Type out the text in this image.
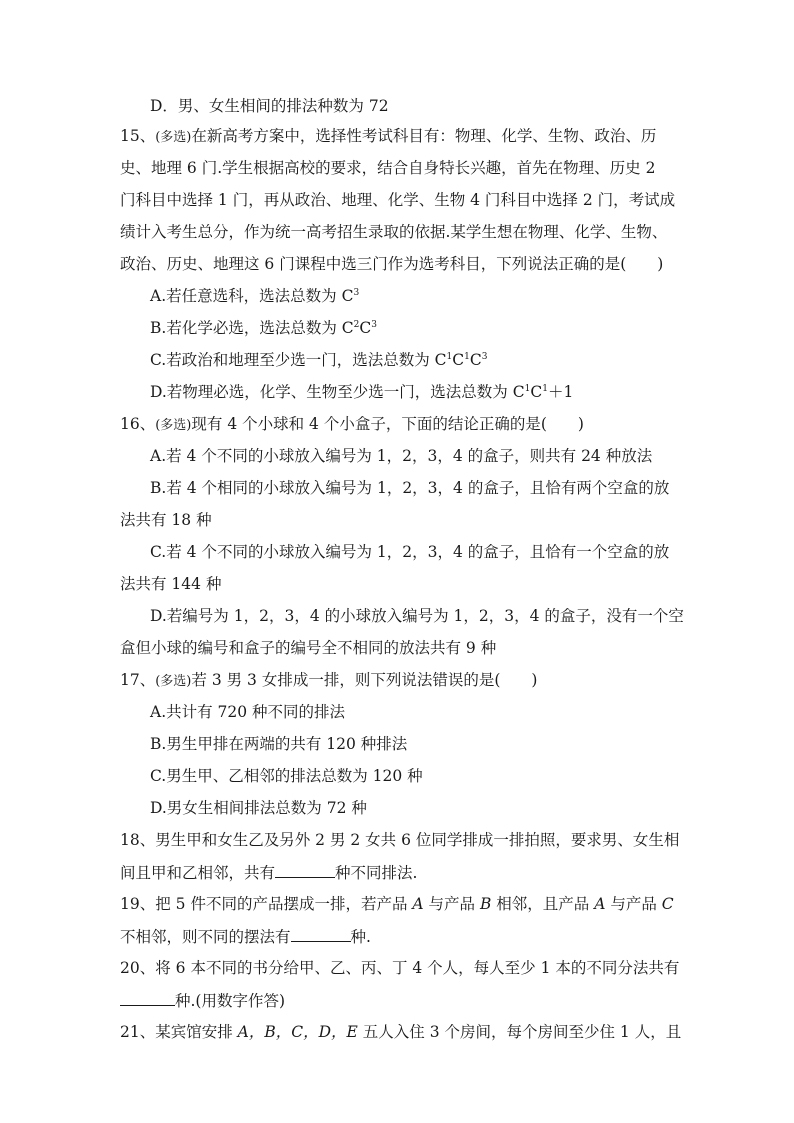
D．男、女生相间的排法种数为 72
15、(多选)在新高考方案中，选择性考试科目有：物理、化学、生物、政治、历
史、地理 6 门.学生根据高校的要求，结合自身特长兴趣，首先在物理、历史 2
门科目中选择 1 门，再从政治、地理、化学、生物 4 门科目中选择 2 门，考试成
绩计入考生总分，作为统一高考招生录取的依据.某学生想在物理、化学、生物、
政治、历史、地理这 6 门课程中选三门作为选考科目，下列说法正确的是(　　)
A.若任意选科，选法总数为 $C^3$
B.若化学必选，选法总数为 $C^2C^3$
C.若政治和地理至少选一门，选法总数为 $C^1C^1C^3$
D.若物理必选，化学、生物至少选一门，选法总数为 $C^1C^1+1$
16、(多选)现有 4 个小球和 4 个小盒子，下面的结论正确的是(　　)
A.若 4 个不同的小球放入编号为 1，2，3，4 的盒子，则共有 24 种放法
B.若 4 个相同的小球放入编号为 1，2，3，4 的盒子，且恰有两个空盒的放
法共有 18 种
C.若 4 个不同的小球放入编号为 1，2，3，4 的盒子，且恰有一个空盒的放
法共有 144 种
D.若编号为 1，2，3，4 的小球放入编号为 1，2，3，4 的盒子，没有一个空
盒但小球的编号和盒子的编号全不相同的放法共有 9 种
17、(多选)若 3 男 3 女排成一排，则下列说法错误的是(　　)
A.共计有 720 种不同的排法
B.男生甲排在两端的共有 120 种排法
C.男生甲、乙相邻的排法总数为 120 种
D.男女生相间排法总数为 72 种
18、男生甲和女生乙及另外 2 男 2 女共 6 位同学排成一排拍照，要求男、女生相
间且甲和乙相邻，共有	种不同排法.
19、把 5 件不同的产品摆成一排，若产品 A 与产品 B 相邻，且产品 A 与产品 C
不相邻，则不同的摆法有	种.
20、将 6 本不同的书分给甲、乙、丙、丁 4 个人，每人至少 1 本的不同分法共有
种.(用数字作答)
21、某宾馆安排 A，B，C，D，E 五人入住 3 个房间，每个房间至少住 1 人，且
